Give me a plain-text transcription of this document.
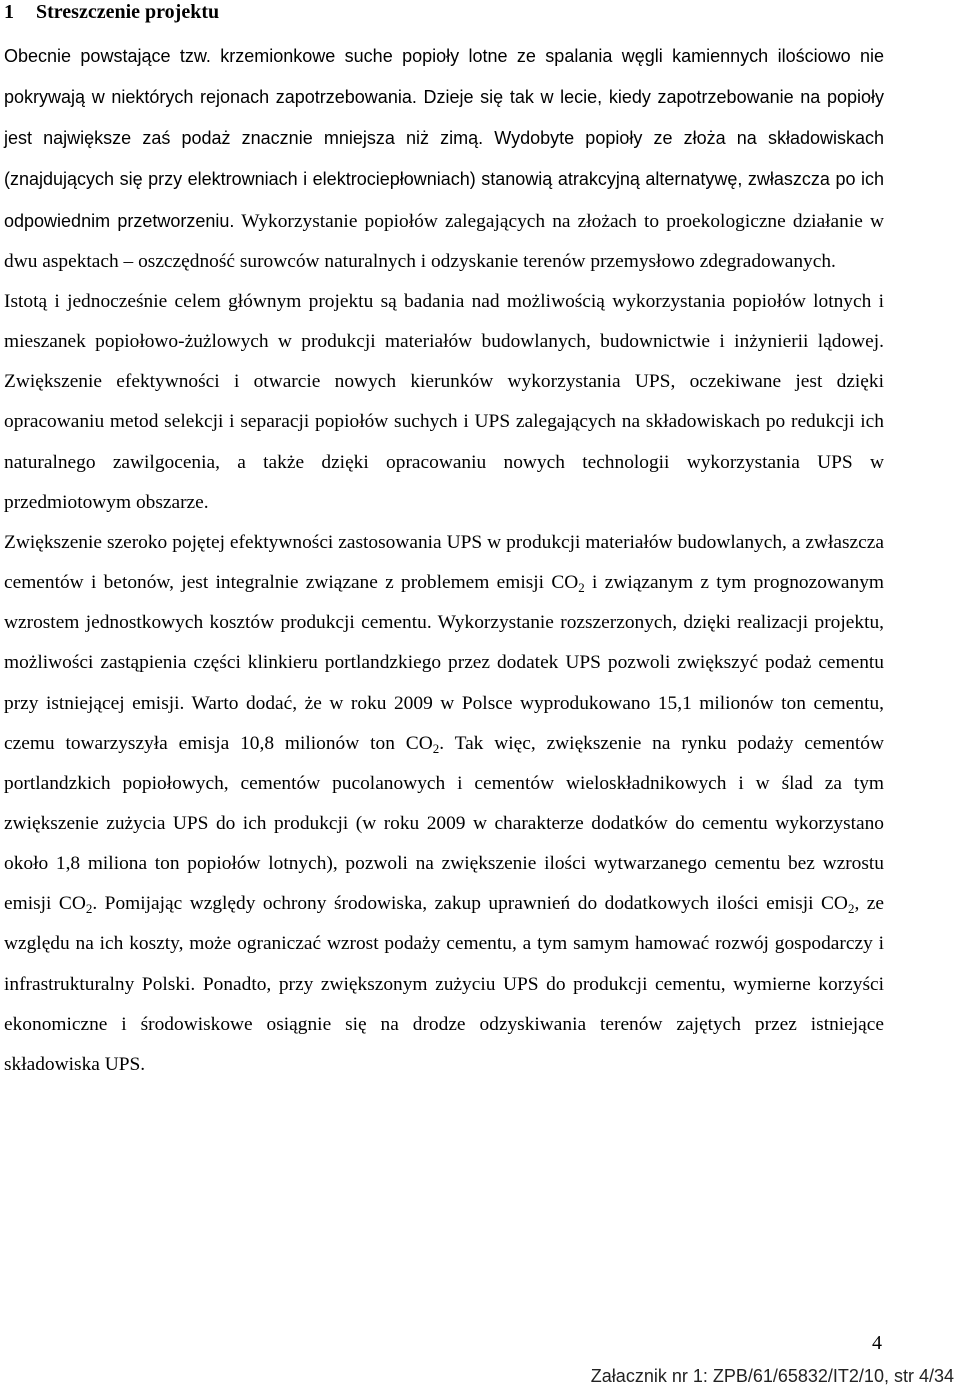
1 Streszczenie projektu

Obecnie powstające tzw. krzemionkowe suche popioły lotne ze spalania węgli kamiennych ilościowo nie pokrywają w niektórych rejonach zapotrzebowania. Dzieje się tak w lecie, kiedy zapotrzebowanie na popioły jest największe zaś podaż znacznie mniejsza niż zimą. Wydobyte popioły ze złoża na składowiskach (znajdujących się przy elektrowniach i elektrociepłowniach) stanowią atrakcyjną alternatywę, zwłaszcza po ich odpowiednim przetworzeniu. Wykorzystanie popiołów zalegających na złożach to proekologiczne działanie w dwu aspektach – oszczędność surowców naturalnych i odzyskanie terenów przemysłowo zdegradowanych.

Istotą i jednocześnie celem głównym projektu są badania nad możliwością wykorzystania popiołów lotnych i mieszanek popiołowo-żużlowych w produkcji materiałów budowlanych, budownictwie i inżynierii lądowej. Zwiększenie efektywności i otwarcie nowych kierunków wykorzystania UPS, oczekiwane jest dzięki opracowaniu metod selekcji i separacji popiołów suchych i UPS zalegających na składowiskach po redukcji ich naturalnego zawilgocenia, a także dzięki opracowaniu nowych technologii wykorzystania UPS w przedmiotowym obszarze.

Zwiększenie szeroko pojętej efektywności zastosowania UPS w produkcji materiałów budowlanych, a zwłaszcza cementów i betonów, jest integralnie związane z problemem emisji $CO_2$ i związanym z tym prognozowanym wzrostem jednostkowych kosztów produkcji cementu. Wykorzystanie rozszerzonych, dzięki realizacji projektu, możliwości zastąpienia części klinkieru portlandzkiego przez dodatek UPS pozwoli zwiększyć podaż cementu przy istniejącej emisji. Warto dodać, że w roku 2009 w Polsce wyprodukowano 15,1 milionów ton cementu, czemu towarzyszyła emisja 10,8 milionów ton $CO_2$. Tak więc, zwiększenie na rynku podaży cementów portlandzkich popiołowych, cementów pucolanowych i cementów wieloskładnikowych i w ślad za tym zwiększenie zużycia UPS do ich produkcji (w roku 2009 w charakterze dodatków do cementu wykorzystano około 1,8 miliona ton popiołów lotnych), pozwoli na zwiększenie ilości wytwarzanego cementu bez wzrostu emisji $CO_2$. Pomijając względy ochrony środowiska, zakup uprawnień do dodatkowych ilości emisji $CO_2$, ze względu na ich koszty, może ograniczać wzrost podaży cementu, a tym samym hamować rozwój gospodarczy i infrastrukturalny Polski. Ponadto, przy zwiększonym zużyciu UPS do produkcji cementu, wymierne korzyści ekonomiczne i środowiskowe osiągnie się na drodze odzyskiwania terenów zajętych przez istniejące składowiska UPS.

4
Załacznik nr 1: ZPB/61/65832/IT2/10, str 4/34
